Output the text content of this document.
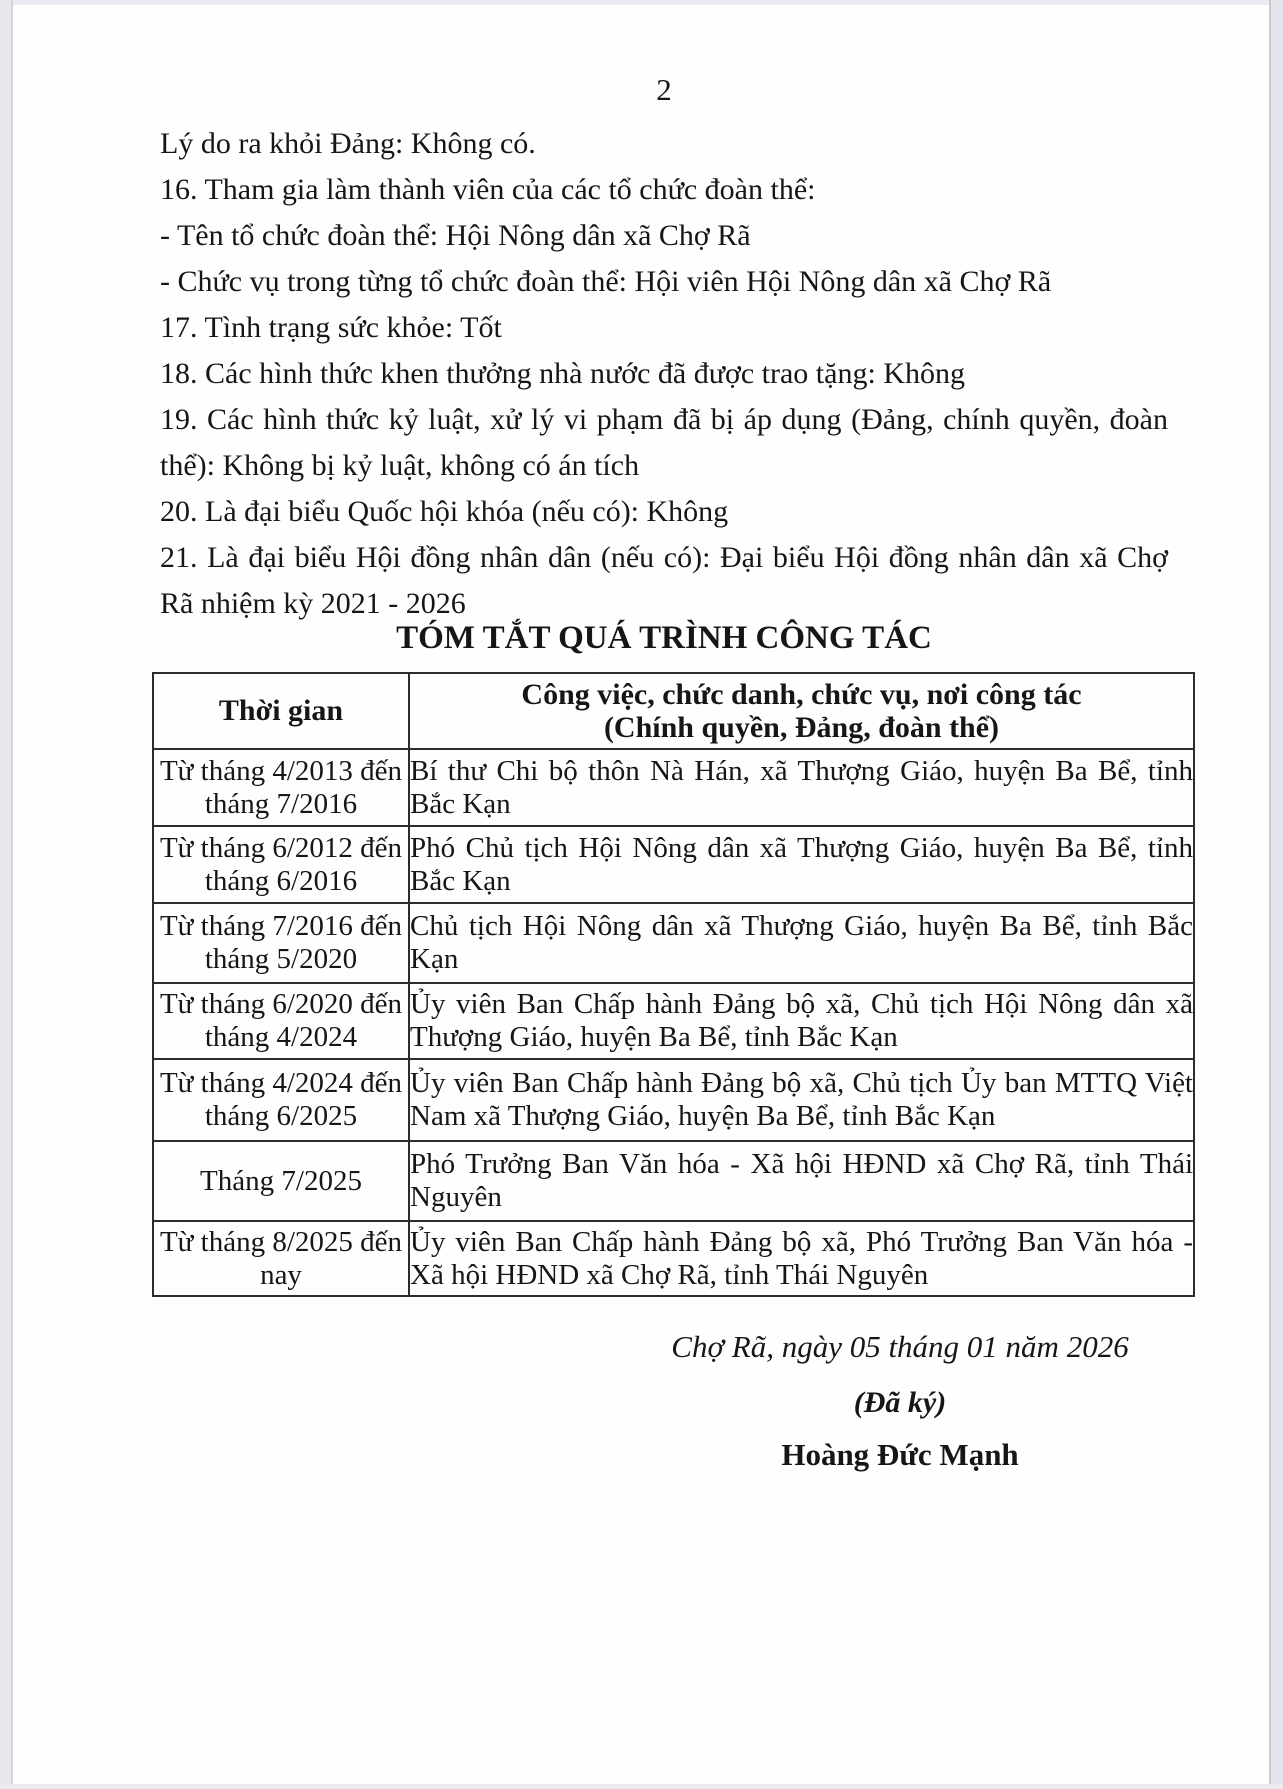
2

Lý do ra khỏi Đảng: Không có.

16. Tham gia làm thành viên của các tổ chức đoàn thể:

- Tên tổ chức đoàn thể: Hội Nông dân xã Chợ Rã

- Chức vụ trong từng tổ chức đoàn thể: Hội viên Hội Nông dân xã Chợ Rã

17. Tình trạng sức khỏe: Tốt

18. Các hình thức khen thưởng nhà nước đã được trao tặng: Không

19. Các hình thức kỷ luật, xử lý vi phạm đã bị áp dụng (Đảng, chính quyền, đoàn thể): Không bị kỷ luật, không có án tích

20. Là đại biểu Quốc hội khóa (nếu có): Không

21. Là đại biểu Hội đồng nhân dân (nếu có): Đại biểu Hội đồng nhân dân xã Chợ Rã nhiệm kỳ 2021 - 2026

TÓM TẮT QUÁ TRÌNH CÔNG TÁC
Thời gian	Công việc, chức danh, chức vụ, nơi công tác
(Chính quyền, Đảng, đoàn thể)

Từ tháng 4/2013 đến tháng 7/2016	Bí thư Chi bộ thôn Nà Hán, xã Thượng Giáo, huyện Ba Bể, tỉnh Bắc Kạn
Từ tháng 6/2012 đến tháng 6/2016	Phó Chủ tịch Hội Nông dân xã Thượng Giáo, huyện Ba Bể, tỉnh Bắc Kạn
Từ tháng 7/2016 đến tháng 5/2020	Chủ tịch Hội Nông dân xã Thượng Giáo, huyện Ba Bể, tỉnh Bắc Kạn
Từ tháng 6/2020 đến tháng 4/2024	Ủy viên Ban Chấp hành Đảng bộ xã, Chủ tịch Hội Nông dân xã Thượng Giáo, huyện Ba Bể, tỉnh Bắc Kạn
Từ tháng 4/2024 đến tháng 6/2025	Ủy viên Ban Chấp hành Đảng bộ xã, Chủ tịch Ủy ban MTTQ Việt Nam xã Thượng Giáo, huyện Ba Bể, tỉnh Bắc Kạn
Tháng 7/2025	Phó Trưởng Ban Văn hóa - Xã hội HĐND xã Chợ Rã, tỉnh Thái Nguyên
Từ tháng 8/2025 đến nay	Ủy viên Ban Chấp hành Đảng bộ xã, Phó Trưởng Ban Văn hóa - Xã hội HĐND xã Chợ Rã, tỉnh Thái Nguyên
Chợ Rã, ngày 05 tháng 01 năm 2026
(Đã ký)
Hoàng Đức Mạnh
